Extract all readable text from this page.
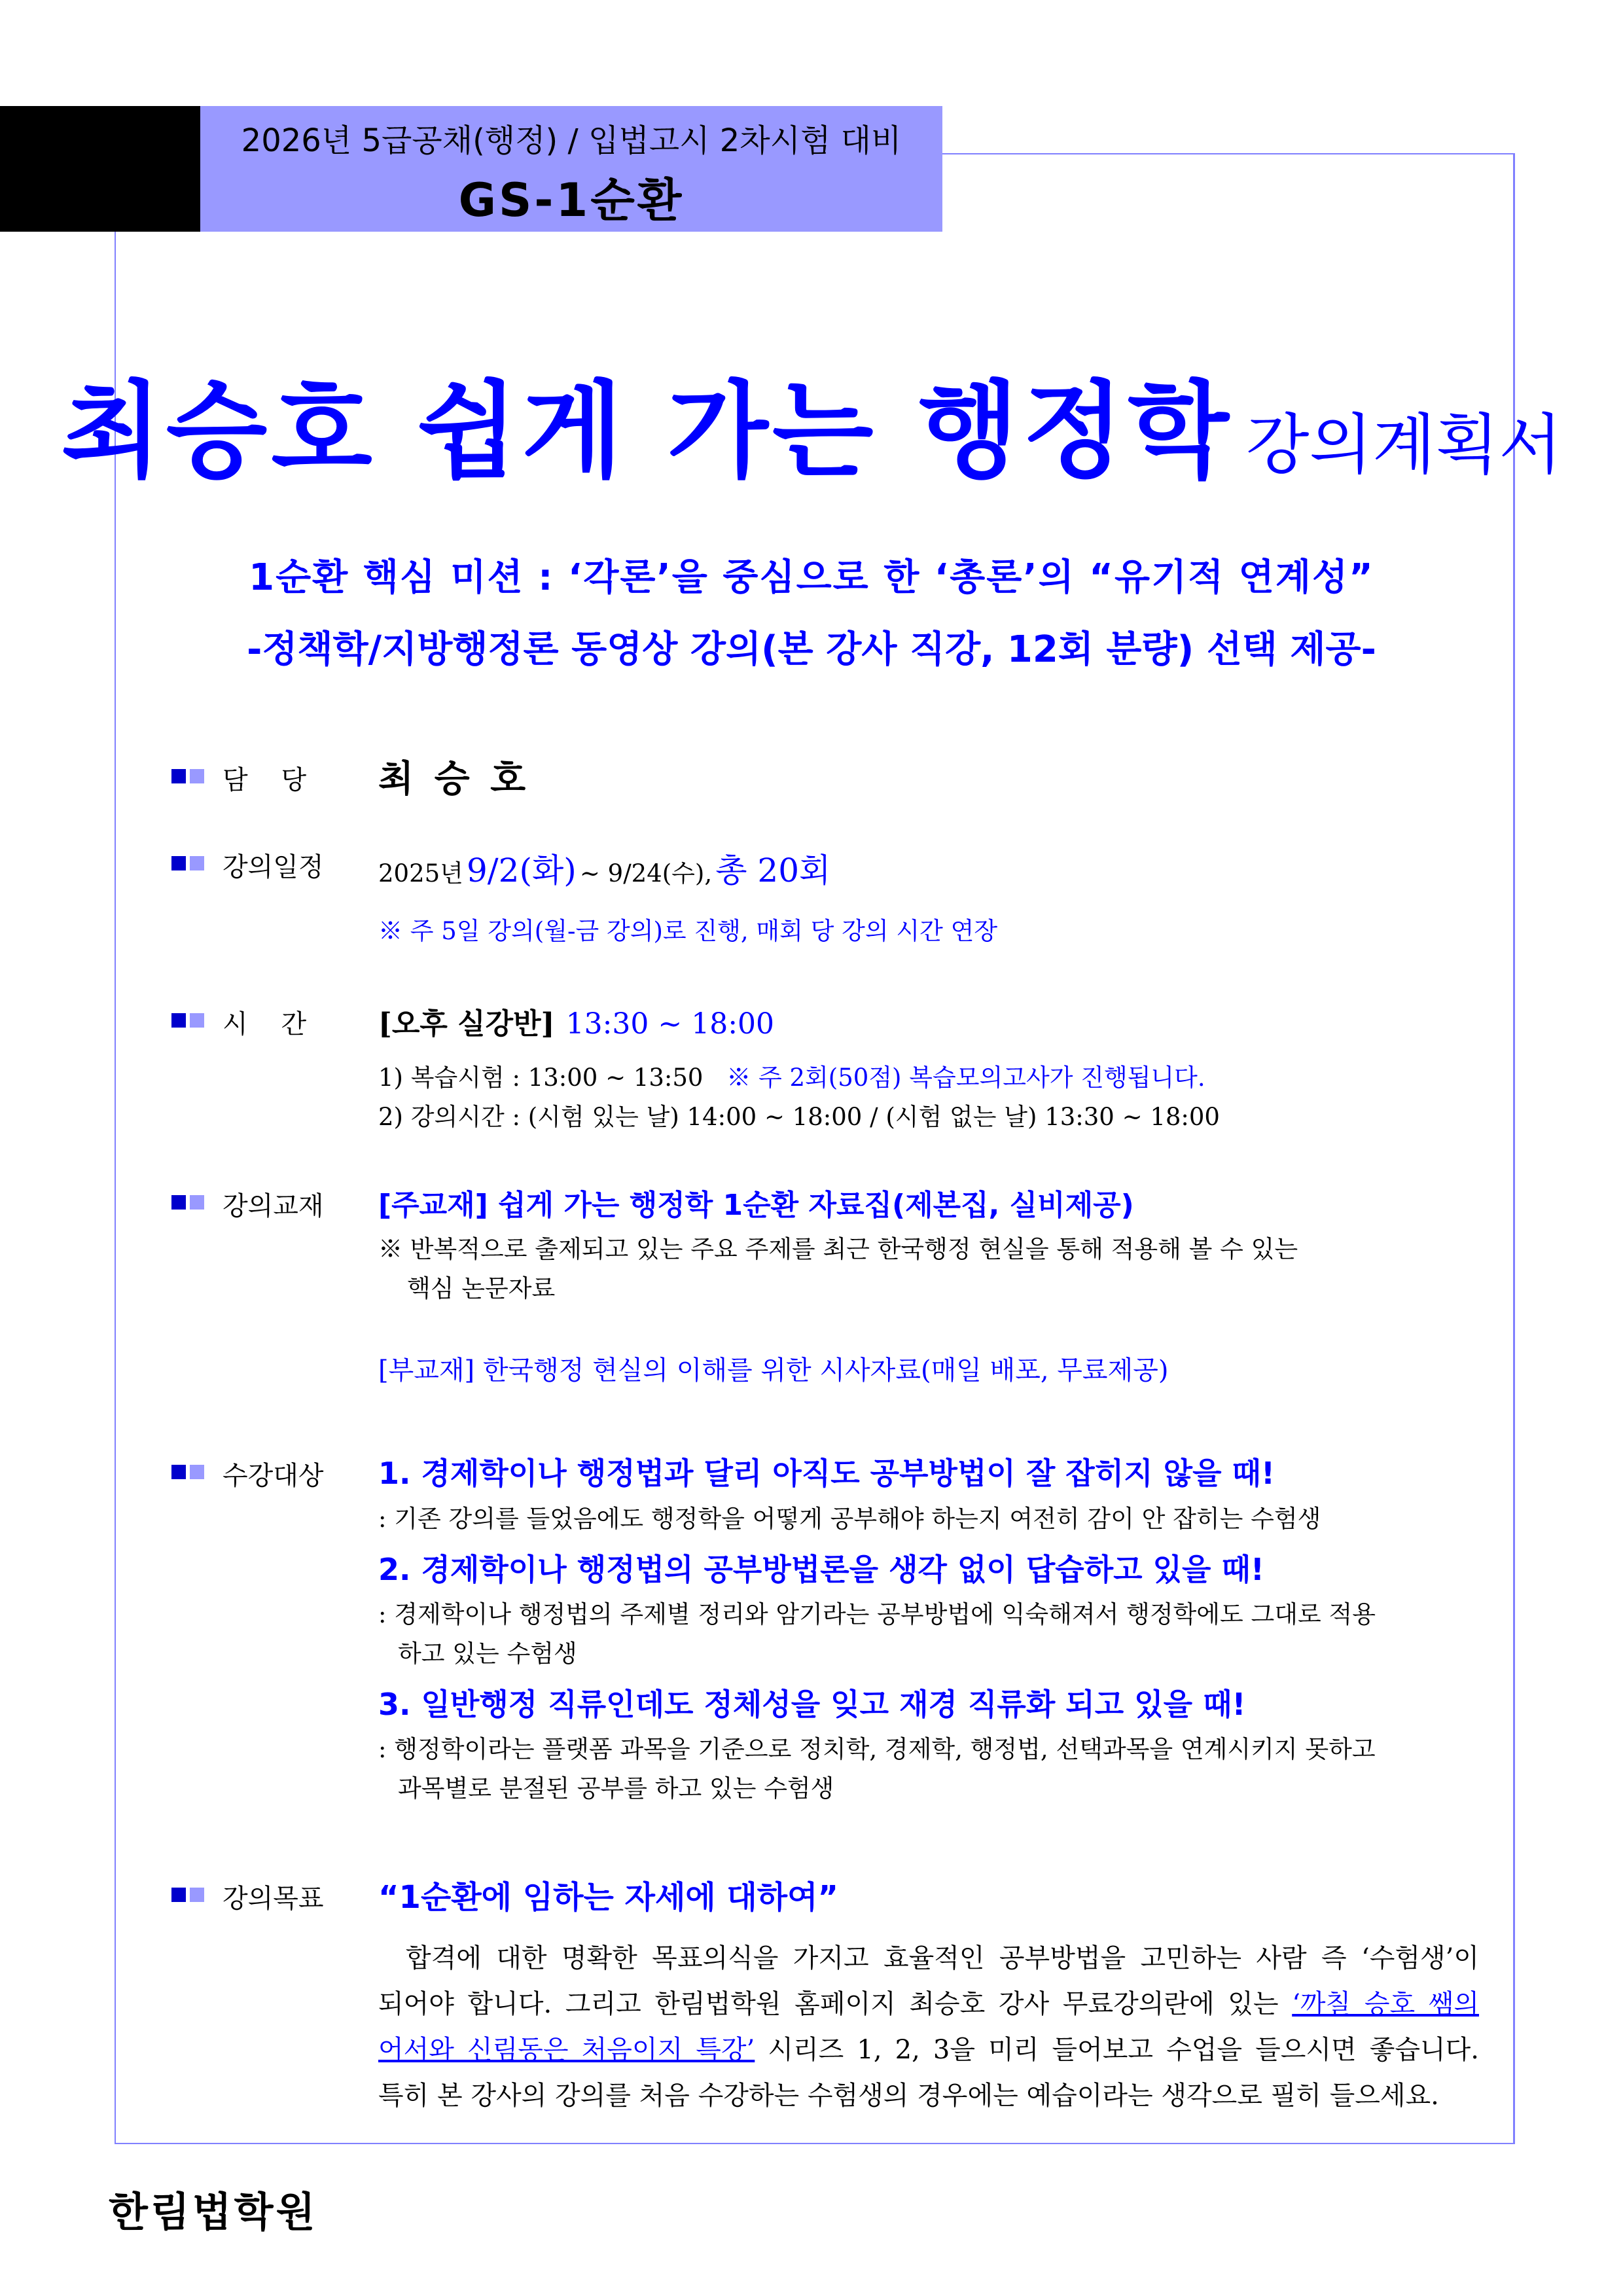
2026년 5급공채(행정) / 입법고시 2차시험 대비
GS-1순환
최승호 쉽게 가는 행정학 강의계획서
1순환 핵심 미션 : ‘각론’을 중심으로 한 ‘총론’의 “유기적 연계성”
-정책학/지방행정론 동영상 강의(본 강사 직강, 12회 분량) 선택 제공-
담    당 최 승 호
강의일정 2025년 9/2(화) ~ 9/24(수), 총 20회
※ 주 5일 강의(월-금 강의)로 진행, 매회 당 강의 시간 연장
시    간 [오후 실강반] 13:30 ~ 18:00
1) 복습시험 : 13:00 ~ 13:50 ※ 주 2회(50점) 복습모의고사가 진행됩니다.
2) 강의시간 : (시험 있는 날) 14:00 ~ 18:00 / (시험 없는 날) 13:30 ~ 18:00
강의교재 [주교재] 쉽게 가는 행정학 1순환 자료집(제본집, 실비제공)
※ 반복적으로 출제되고 있는 주요 주제를 최근 한국행정 현실을 통해 적용해 볼 수 있는
핵심 논문자료
[부교재] 한국행정 현실의 이해를 위한 시사자료(매일 배포, 무료제공)
수강대상 1. 경제학이나 행정법과 달리 아직도 공부방법이 잘 잡히지 않을 때!
: 기존 강의를 들었음에도 행정학을 어떻게 공부해야 하는지 여전히 감이 안 잡히는 수험생
2. 경제학이나 행정법의 공부방법론을 생각 없이 답습하고 있을 때!
: 경제학이나 행정법의 주제별 정리와 암기라는 공부방법에 익숙해져서 행정학에도 그대로 적용
하고 있는 수험생
3. 일반행정 직류인데도 정체성을 잊고 재경 직류화 되고 있을 때!
: 행정학이라는 플랫폼 과목을 기준으로 정치학, 경제학, 행정법, 선택과목을 연계시키지 못하고
과목별로 분절된 공부를 하고 있는 수험생
강의목표 “1순환에 임하는 자세에 대하여”
합격에 대한 명확한 목표의식을 가지고 효율적인 공부방법을 고민하는 사람 즉 ‘수험생’이
되어야 합니다. 그리고 한림법학원 홈페이지 최승호 강사 무료강의란에 있는 ‘까칠 승호 쌤의
어서와 신림동은 처음이지 특강’ 시리즈 1, 2, 3을 미리 들어보고 수업을 들으시면 좋습니다.
특히 본 강사의 강의를 처음 수강하는 수험생의 경우에는 예습이라는 생각으로 필히 들으세요.
한림법학원
